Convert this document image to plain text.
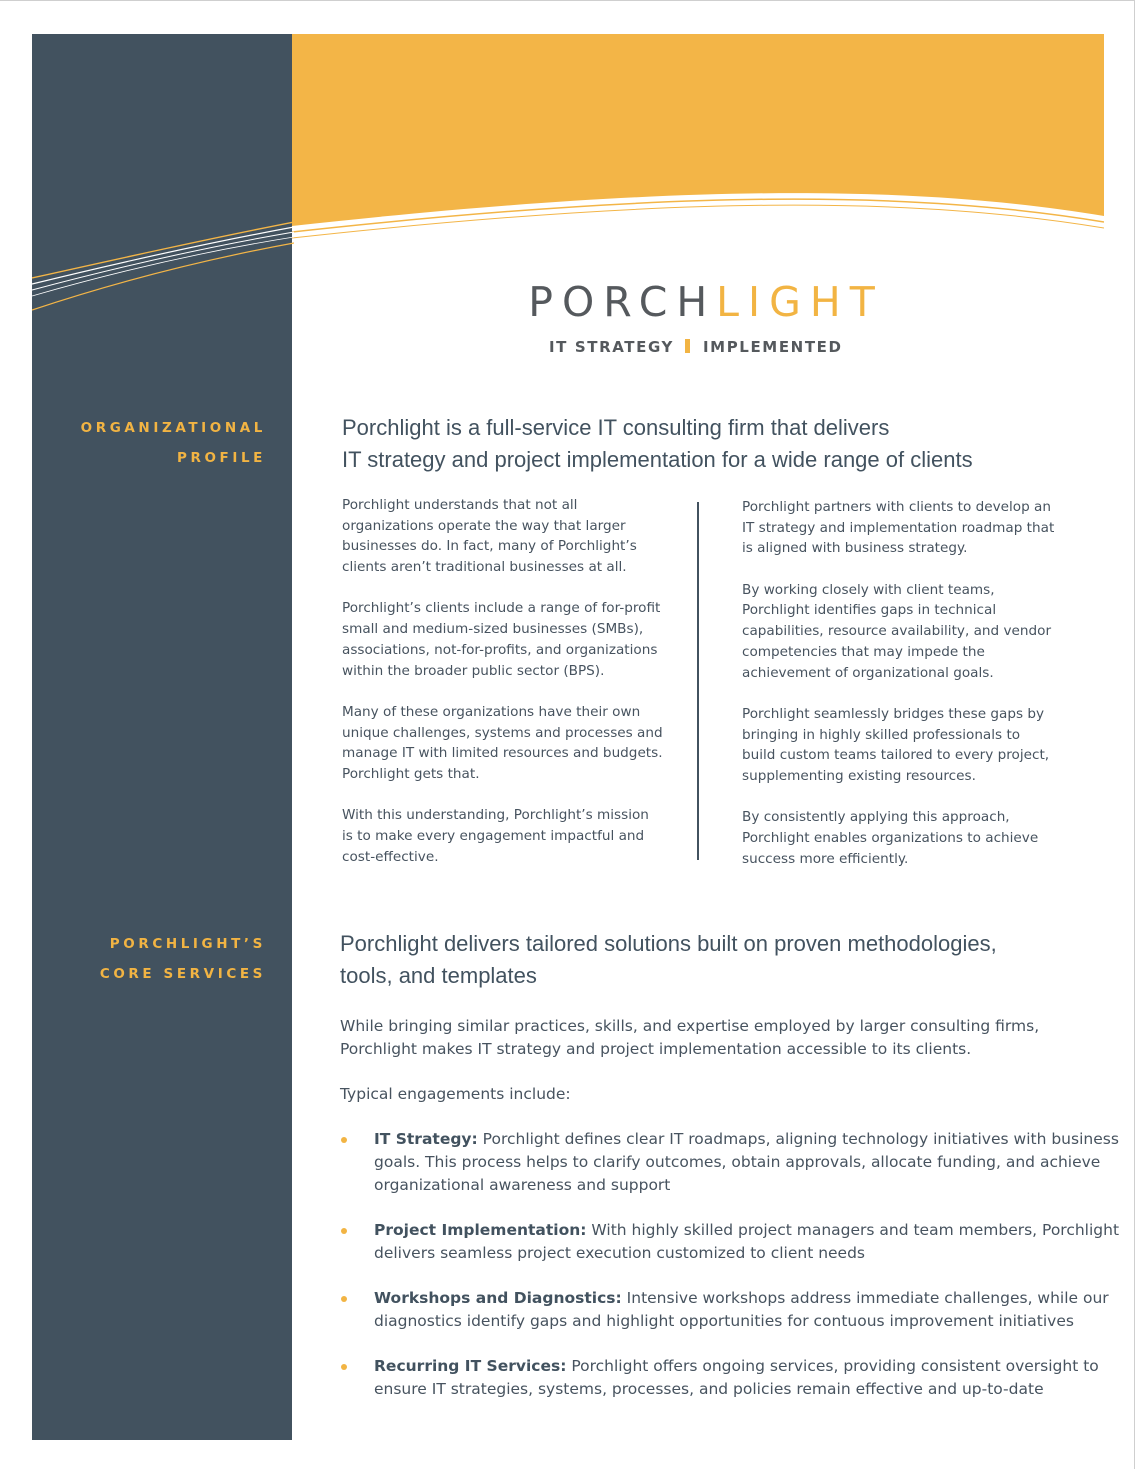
PORCHLIGHT
IT STRATEGY IMPLEMENTED
ORGANIZATIONAL
PROFILE
Porchlight is a full-service IT consulting firm that delivers
IT strategy and project implementation for a wide range of clients

Porchlight understands that not all
organizations operate the way that larger
businesses do. In fact, many of Porchlight’s
clients aren’t traditional businesses at all.

Porchlight’s clients include a range of for-profit
small and medium-sized businesses (SMBs),
associations, not-for-profits, and organizations
within the broader public sector (BPS).

Many of these organizations have their own
unique challenges, systems and processes and
manage IT with limited resources and budgets.
Porchlight gets that.

With this understanding, Porchlight’s mission
is to make every engagement impactful and
cost-effective.

Porchlight partners with clients to develop an
IT strategy and implementation roadmap that
is aligned with business strategy.

By working closely with client teams,
Porchlight identifies gaps in technical
capabilities, resource availability, and vendor
competencies that may impede the
achievement of organizational goals.

Porchlight seamlessly bridges these gaps by
bringing in highly skilled professionals to
build custom teams tailored to every project,
supplementing existing resources.

By consistently applying this approach,
Porchlight enables organizations to achieve
success more efficiently.

PORCHLIGHT’S
CORE SERVICES
Porchlight delivers tailored solutions built on proven methodologies,
tools, and templates
While bringing similar practices, skills, and expertise employed by larger consulting firms,
Porchlight makes IT strategy and project implementation accessible to its clients.
Typical engagements include:
IT Strategy: Porchlight defines clear IT roadmaps, aligning technology initiatives with business
goals. This process helps to clarify outcomes, obtain approvals, allocate funding, and achieve
organizational awareness and support
Project Implementation: With highly skilled project managers and team members, Porchlight
delivers seamless project execution customized to client needs
Workshops and Diagnostics: Intensive workshops address immediate challenges, while our
diagnostics identify gaps and highlight opportunities for contuous improvement initiatives
Recurring IT Services: Porchlight offers ongoing services, providing consistent oversight to
ensure IT strategies, systems, processes, and policies remain effective and up-to-date
